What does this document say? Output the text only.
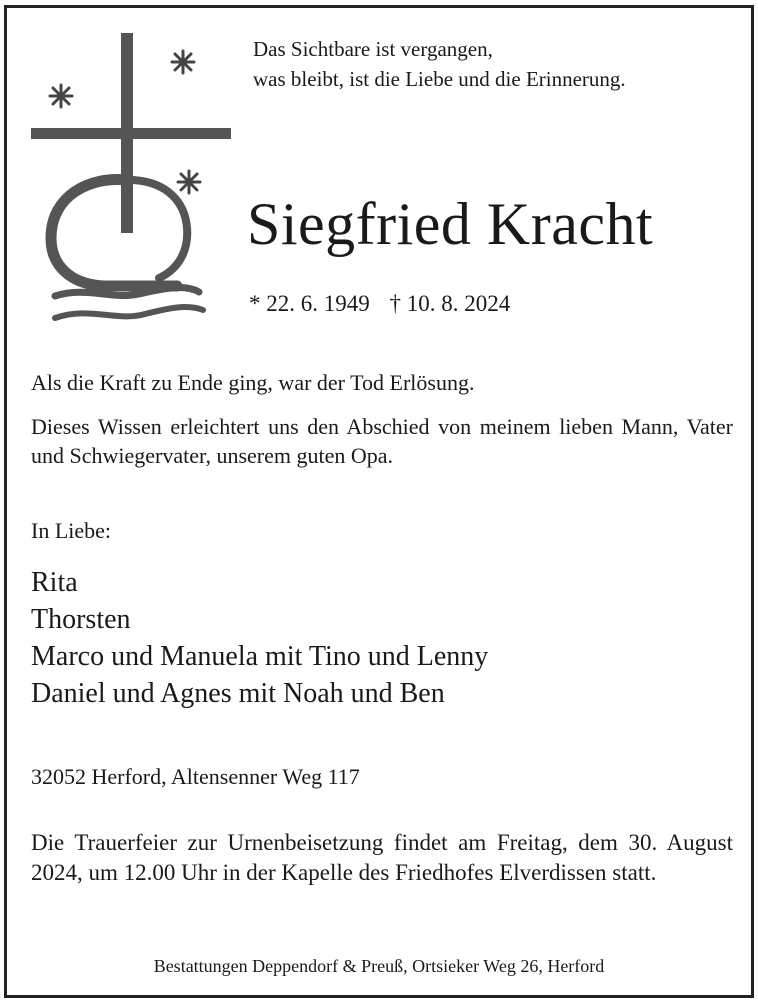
Das Sichtbare ist vergangen,
was bleibt, ist die Liebe und die Erinnerung.
Siegfried Kracht
* 22. 6. 1949 † 10. 8. 2024
Als die Kraft zu Ende ging, war der Tod Erlösung.
Dieses Wissen erleichtert uns den Abschied von meinem lieben Mann, Vater und Schwiegervater, unserem guten Opa.
In Liebe:
Rita
Thorsten
Marco und Manuela mit Tino und Lenny
Daniel und Agnes mit Noah und Ben
32052 Herford, Altensenner Weg 117
Die Trauerfeier zur Urnenbeisetzung findet am Freitag, dem 30. August 2024, um 12.00 Uhr in der Kapelle des Friedhofes Elverdissen statt.
Bestattungen Deppendorf & Preuß, Ortsieker Weg 26, Herford
